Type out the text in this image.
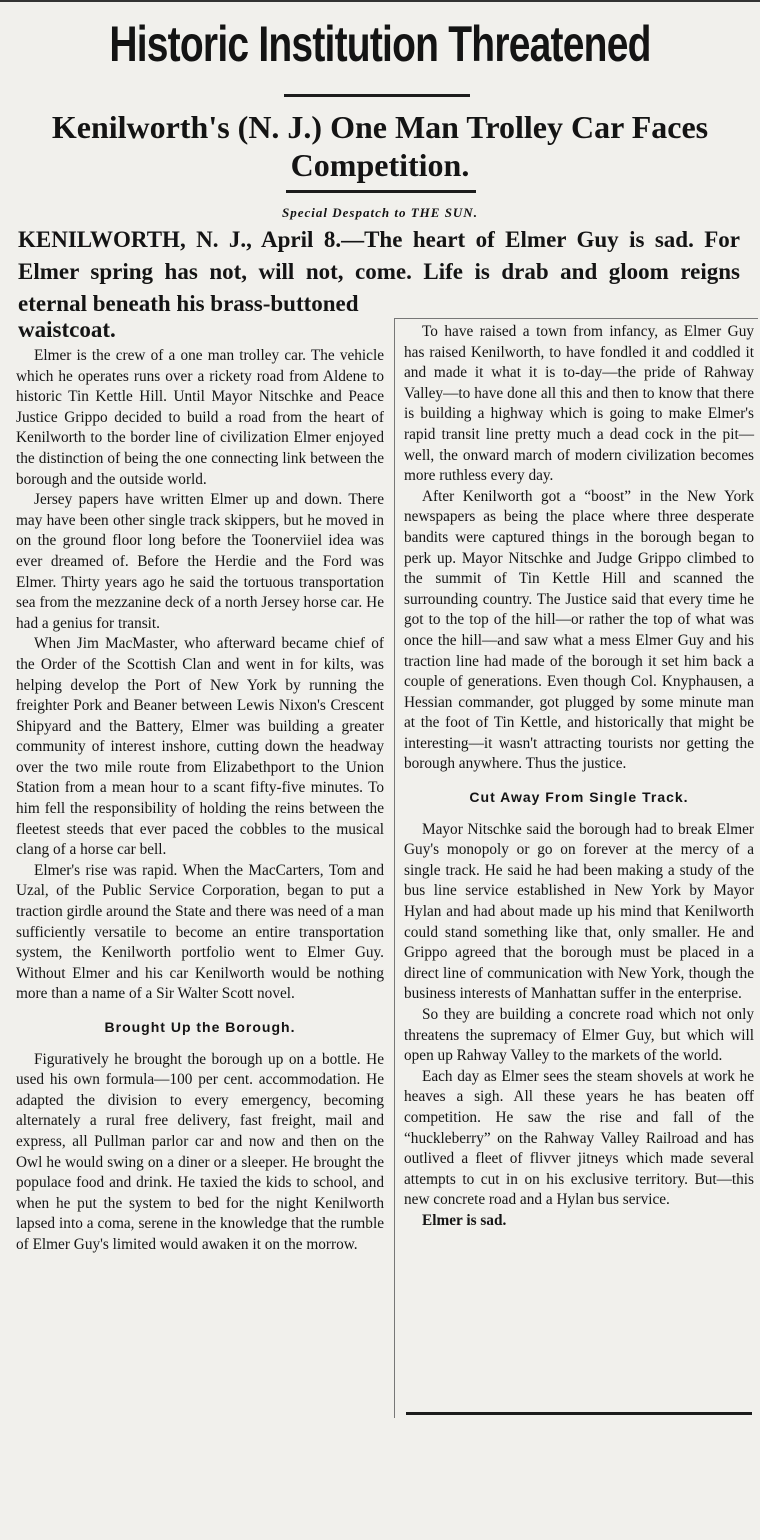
Historic Institution Threatened
Kenilworth's (N. J.) One Man Trolley Car Faces Competition.

Special Despatch to THE SUN.

KENILWORTH, N. J., April 8.—The heart of Elmer Guy is sad. For Elmer spring has not, will not, come. Life is drab and gloom reigns eternal beneath his brass-buttoned

waistcoat.

Elmer is the crew of a one man trolley car. The vehicle which he operates runs over a rickety road from Aldene to historic Tin Kettle Hill. Until Mayor Nitschke and Peace Justice Grippo decided to build a road from the heart of Kenilworth to the border line of civilization Elmer enjoyed the distinction of being the one connecting link between the borough and the outside world.

Jersey papers have written Elmer up and down. There may have been other single track skippers, but he moved in on the ground floor long before the Toonerviiel idea was ever dreamed of. Before the Herdie and the Ford was Elmer. Thirty years ago he said the tortuous transportation sea from the mezzanine deck of a north Jersey horse car. He had a genius for transit.

When Jim MacMaster, who afterward became chief of the Order of the Scottish Clan and went in for kilts, was helping develop the Port of New York by running the freighter Pork and Beaner between Lewis Nixon's Crescent Shipyard and the Battery, Elmer was building a greater community of interest inshore, cutting down the headway over the two mile route from Elizabethport to the Union Station from a mean hour to a scant fifty-five minutes. To him fell the responsibility of holding the reins between the fleetest steeds that ever paced the cobbles to the musical clang of a horse car bell.

Elmer's rise was rapid. When the MacCarters, Tom and Uzal, of the Public Service Corporation, began to put a traction girdle around the State and there was need of a man sufficiently versatile to become an entire transportation system, the Kenilworth portfolio went to Elmer Guy. Without Elmer and his car Kenilworth would be nothing more than a name of a Sir Walter Scott novel.

Brought Up the Borough.

Figuratively he brought the borough up on a bottle. He used his own formula—100 per cent. accommodation. He adapted the division to every emergency, becoming alternately a rural free delivery, fast freight, mail and express, all Pullman parlor car and now and then on the Owl he would swing on a diner or a sleeper. He brought the populace food and drink. He taxied the kids to school, and when he put the system to bed for the night Kenilworth lapsed into a coma, serene in the knowledge that the rumble of Elmer Guy's limited would awaken it on the morrow.

To have raised a town from infancy, as Elmer Guy has raised Kenilworth, to have fondled it and coddled it and made it what it is to-day—the pride of Rahway Valley—to have done all this and then to know that there is building a highway which is going to make Elmer's rapid transit line pretty much a dead cock in the pit—well, the onward march of modern civilization becomes more ruthless every day.

After Kenilworth got a “boost” in the New York newspapers as being the place where three desperate bandits were captured things in the borough began to perk up. Mayor Nitschke and Judge Grippo climbed to the summit of Tin Kettle Hill and scanned the surrounding country. The Justice said that every time he got to the top of the hill—or rather the top of what was once the hill—and saw what a mess Elmer Guy and his traction line had made of the borough it set him back a couple of generations. Even though Col. Knyphausen, a Hessian commander, got plugged by some minute man at the foot of Tin Kettle, and historically that might be interesting—it wasn't attracting tourists nor getting the borough anywhere. Thus the justice.

Cut Away From Single Track.

Mayor Nitschke said the borough had to break Elmer Guy's monopoly or go on forever at the mercy of a single track. He said he had been making a study of the bus line service established in New York by Mayor Hylan and had about made up his mind that Kenilworth could stand something like that, only smaller. He and Grippo agreed that the borough must be placed in a direct line of communication with New York, though the business interests of Manhattan suffer in the enterprise.

So they are building a concrete road which not only threatens the supremacy of Elmer Guy, but which will open up Rahway Valley to the markets of the world.

Each day as Elmer sees the steam shovels at work he heaves a sigh. All these years he has beaten off competition. He saw the rise and fall of the “huckleberry” on the Rahway Valley Railroad and has outlived a fleet of flivver jitneys which made several attempts to cut in on his exclusive territory. But—this new concrete road and a Hylan bus service.

Elmer is sad.
